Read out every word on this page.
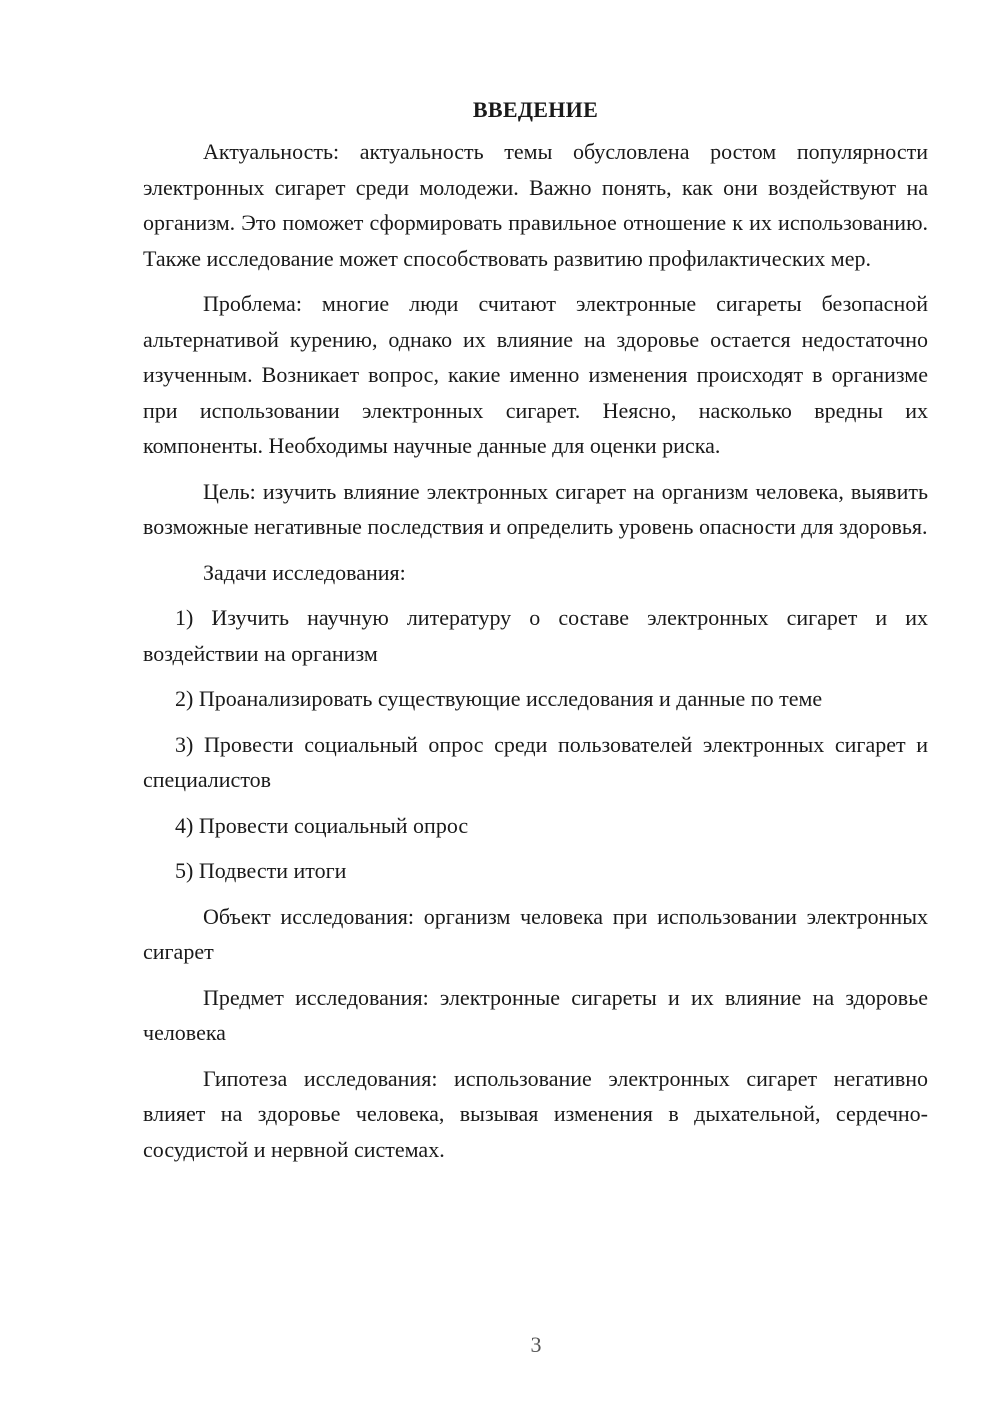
ВВЕДЕНИЕ

Актуальность: актуальность темы обусловлена ростом популярности электронных сигарет среди молодежи. Важно понять, как они воздействуют на организм. Это поможет сформировать правильное отношение к их использованию. Также исследование может способствовать развитию профилактических мер.

Проблема: многие люди считают электронные сигареты безопасной альтернативой курению, однако их влияние на здоровье остается недостаточно изученным. Возникает вопрос, какие именно изменения происходят в организме при использовании электронных сигарет. Неясно, насколько вредны их компоненты. Необходимы научные данные для оценки риска.

Цель: изучить влияние электронных сигарет на организм человека, выявить возможные негативные последствия и определить уровень опасности для здоровья.

Задачи исследования:

1) Изучить научную литературу о составе электронных сигарет и их воздействии на организм

2) Проанализировать существующие исследования и данные по теме

3) Провести социальный опрос среди пользователей электронных сигарет и специалистов

4) Провести социальный опрос

5) Подвести итоги

Объект исследования: организм человека при использовании электронных сигарет

Предмет исследования: электронные сигареты и их влияние на здоровье человека

Гипотеза исследования: использование электронных сигарет негативно влияет на здоровье человека, вызывая изменения в дыхательной, сердечно-сосудистой и нервной системах.

3
